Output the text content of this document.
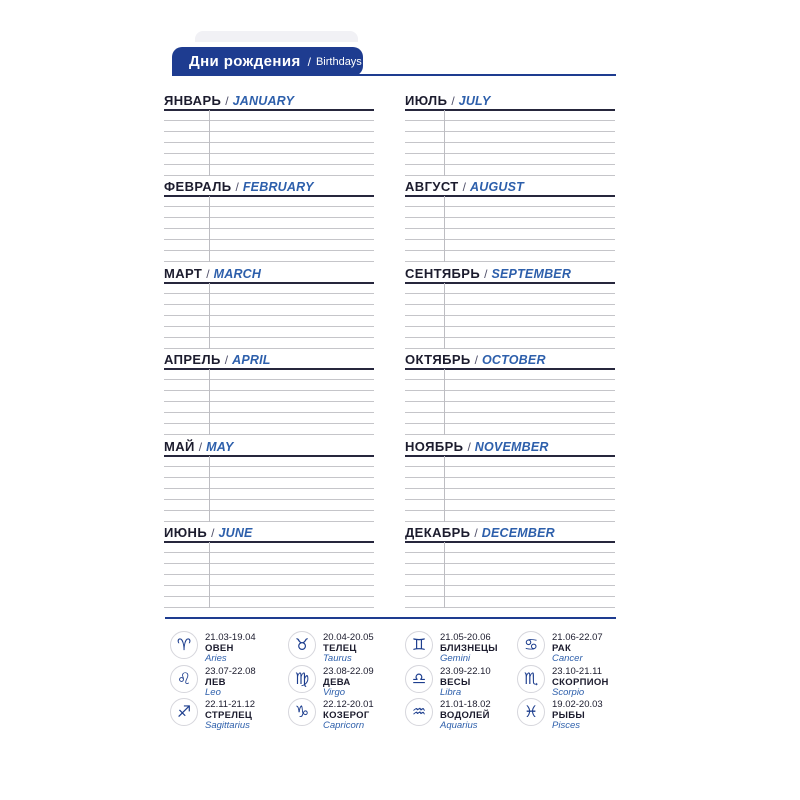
Дни рождения / Birthdays
ЯНВАРЬ / JANUARY
ФЕВРАЛЬ / FEBRUARY
МАРТ / MARCH
АПРЕЛЬ / APRIL
МАЙ / MAY
ИЮНЬ / JUNE
ИЮЛЬ / JULY
АВГУСТ / AUGUST
СЕНТЯБРЬ / SEPTEMBER
ОКТЯБРЬ / OCTOBER
НОЯБРЬ / NOVEMBER
ДЕКАБРЬ / DECEMBER
♈ 21.03-19.04
ОВЕН
Aries
♉ 20.04-20.05
ТЕЛЕЦ
Taurus
♊ 21.05-20.06
БЛИЗНЕЦЫ
Gemini
♋ 21.06-22.07
РАК
Cancer
♌ 23.07-22.08
ЛЕВ
Leo
♍ 23.08-22.09
ДЕВА
Virgo
♎ 23.09-22.10
ВЕСЫ
Libra
♏ 23.10-21.11
СКОРПИОН
Scorpio
♐ 22.11-21.12
СТРЕЛЕЦ
Sagittarius
♑ 22.12-20.01
КОЗЕРОГ
Capricorn
♒ 21.01-18.02
ВОДОЛЕЙ
Aquarius
♓ 19.02-20.03
РЫБЫ
Pisces
